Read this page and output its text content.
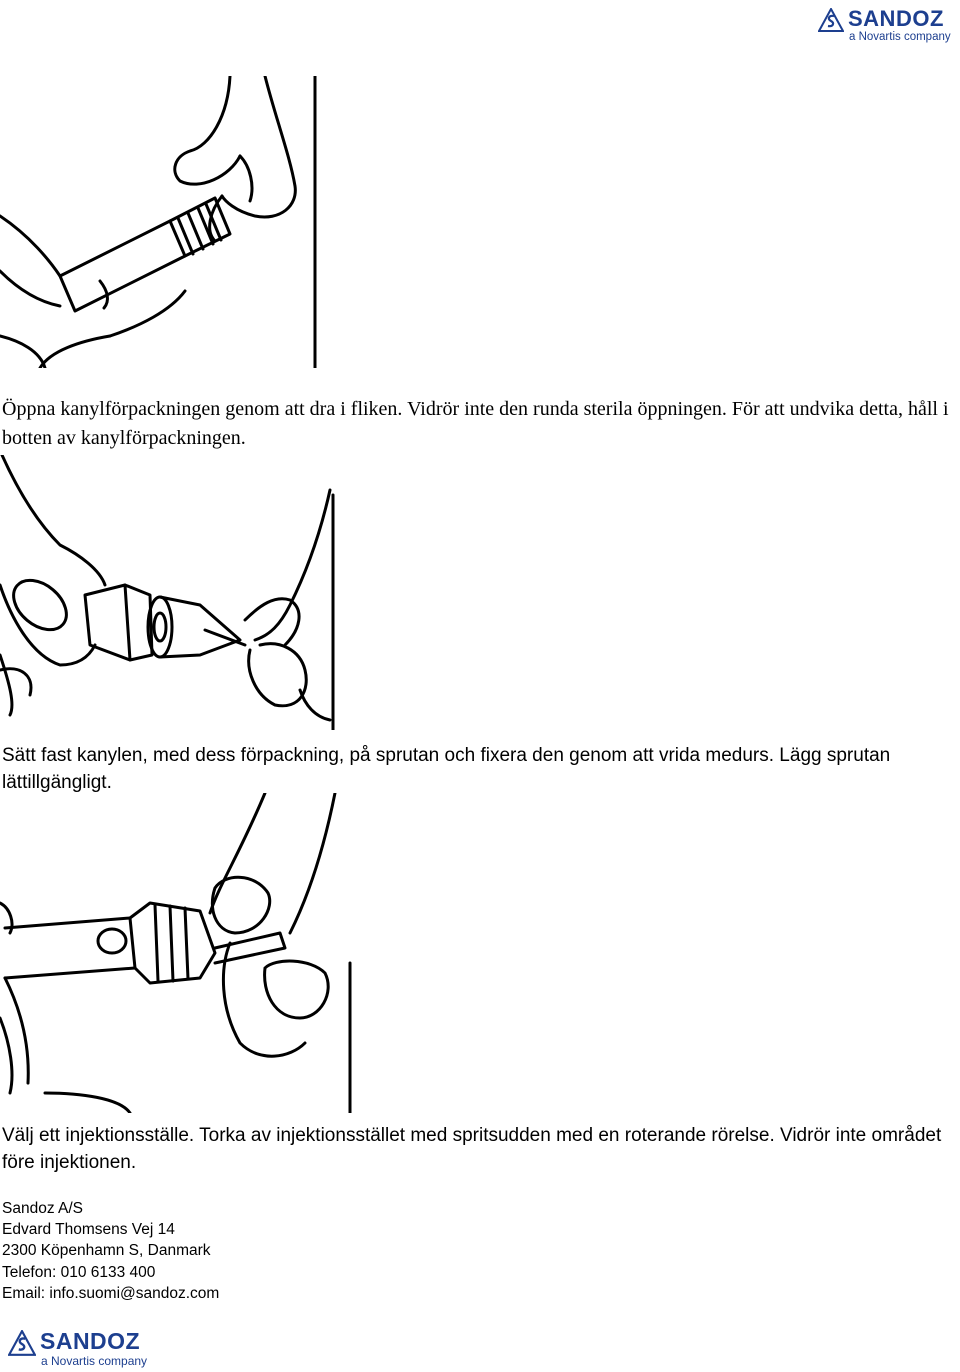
SANDOZ
a Novartis company
Öppna kanylförpackningen genom att dra i fliken. Vidrör inte den runda sterila öppningen. För att undvika detta, håll i botten av kanylförpackningen.
Sätt fast kanylen, med dess förpackning, på sprutan och fixera den genom att vrida medurs. Lägg sprutan lättillgängligt.
Välj ett injektionsställe. Torka av injektionsstället med spritsudden med en roterande rörelse. Vidrör inte området före injektionen.
Sandoz A/S
Edvard Thomsens Vej 14
2300 Köpenhamn S, Danmark
Telefon: 010 6133 400
Email: info.suomi@sandoz.com
SANDOZ
a Novartis company
